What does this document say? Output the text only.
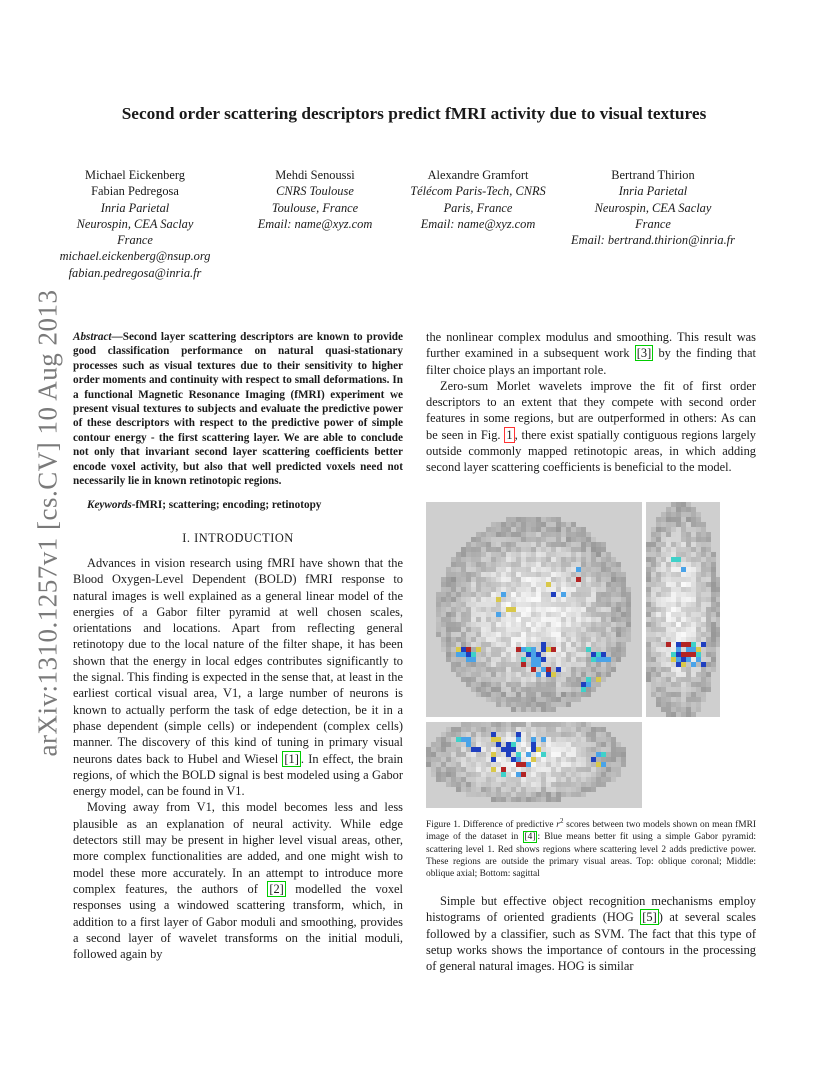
arXiv:1310.1257v1 [cs.CV] 10 Aug 2013
Second order scattering descriptors predict fMRI activity due to visual textures
Michael Eickenberg
Fabian Pedregosa
Inria Parietal
Neurospin, CEA Saclay
France
michael.eickenberg@nsup.org
fabian.pedregosa@inria.fr
Mehdi Senoussi
CNRS Toulouse
Toulouse, France
Email: name@xyz.com
Alexandre Gramfort
Télécom Paris-Tech, CNRS
Paris, France
Email: name@xyz.com
Bertrand Thirion
Inria Parietal
Neurospin, CEA Saclay
France
Email: bertrand.thirion@inria.fr
Abstract—Second layer scattering descriptors are known to provide good classification performance on natural quasi-stationary processes such as visual textures due to their sensitivity to higher order moments and continuity with respect to small deformations. In a functional Magnetic Resonance Imaging (fMRI) experiment we present visual textures to subjects and evaluate the predictive power of these descriptors with respect to the predictive power of simple contour energy - the first scattering layer. We are able to conclude not only that invariant second layer scattering coefficients better encode voxel activity, but also that well predicted voxels need not necessarily lie in known retinotopic regions.
Keywords-fMRI; scattering; encoding; retinotopy
I. INTRODUCTION

Advances in vision research using fMRI have shown that the Blood Oxygen-Level Dependent (BOLD) fMRI response to natural images is well explained as a general linear model of the energies of a Gabor filter pyramid at well chosen scales, orientations and locations. Apart from reflecting general retinotopy due to the local nature of the filter shape, it has been shown that the energy in local edges contributes significantly to the signal. This finding is expected in the sense that, at least in the earliest cortical visual area, V1, a large number of neurons is known to actually perform the task of edge detection, be it in a phase dependent (simple cells) or independent (complex cells) manner. The discovery of this kind of tuning in primary visual neurons dates back to Hubel and Wiesel [1] . In effect, the brain regions, of which the BOLD signal is best modeled using a Gabor energy model, can be found in V1.

Moving away from V1, this model becomes less and less plausible as an explanation of neural activity. While edge detectors still may be present in higher level visual areas, other, more complex functionalities are added, and one might wish to model these more accurately. In an attempt to introduce more complex features, the authors of [2] modelled the voxel responses using a windowed scattering transform, which, in addition to a first layer of Gabor moduli and smoothing, provides a second layer of wavelet transforms on the initial moduli, followed again by

the nonlinear complex modulus and smoothing. This result was further examined in a subsequent work [3] by the finding that filter choice plays an important role.

Zero-sum Morlet wavelets improve the fit of first order descriptors to an extent that they compete with second order features in some regions, but are outperformed in others: As can be seen in Fig. 1 , there exist spatially contiguous regions largely outside commonly mapped retinotopic areas, in which adding second layer scattering coefficients is beneficial to the model.

Figure 1. Difference of predictive $r^2$ scores between two models shown on mean fMRI image of the dataset in [4] : Blue means better fit using a simple Gabor pyramid: scattering level 1. Red shows regions where scattering level 2 adds predictive power. These regions are outside the primary visual areas. Top: oblique coronal; Middle: oblique axial; Bottom: sagittal

Simple but effective object recognition mechanisms employ histograms of oriented gradients (HOG [5] ) at several scales followed by a classifier, such as SVM. The fact that this type of setup works shows the importance of contours in the processing of general natural images. HOG is similar
